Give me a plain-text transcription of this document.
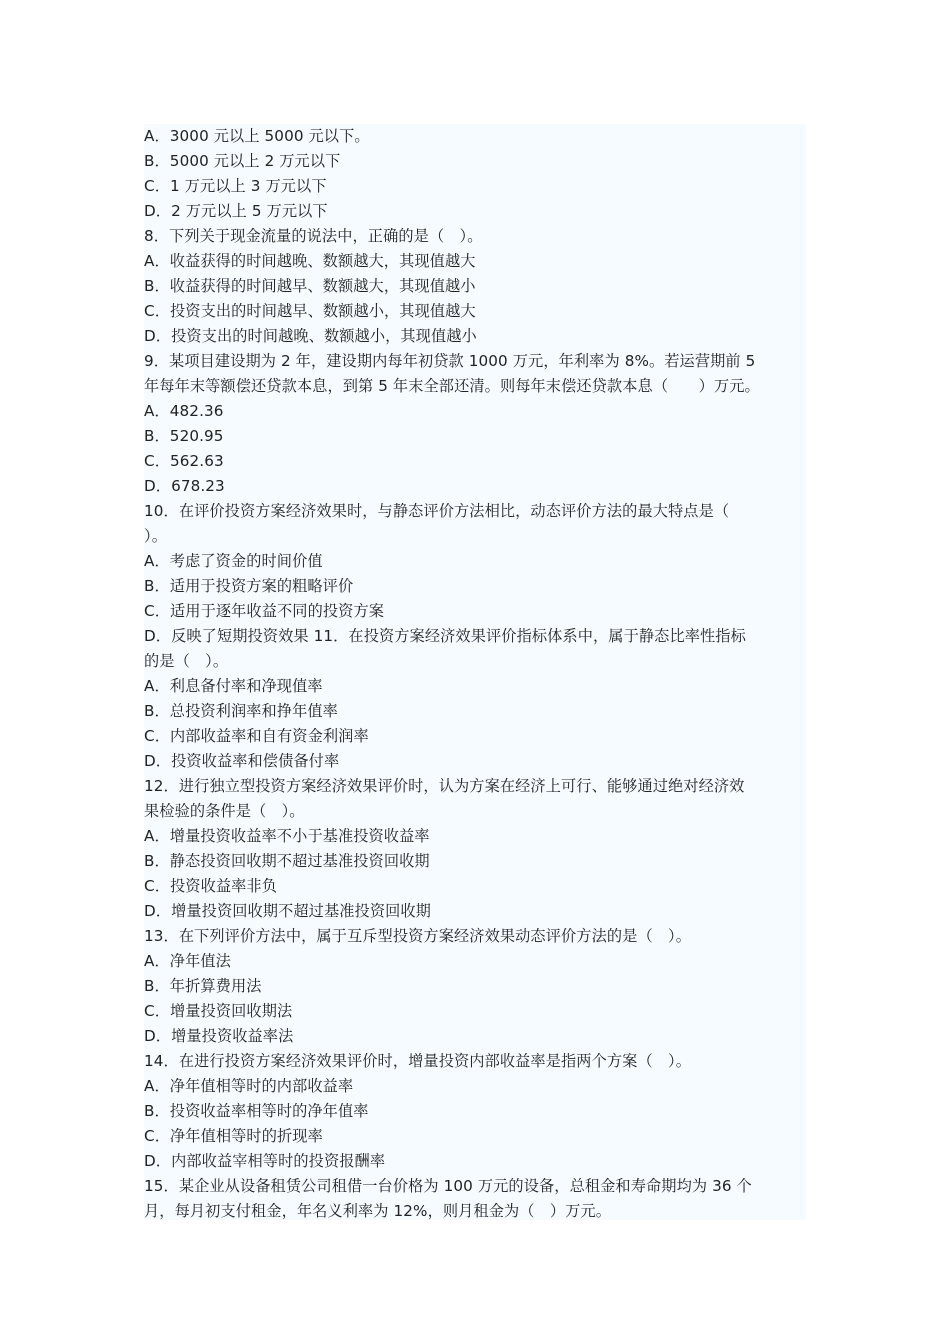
A．3000 元以上 5000 元以下。
B．5000 元以上 2 万元以下
C．1 万元以上 3 万元以下
D．2 万元以上 5 万元以下
8．下列关于现金流量的说法中，正确的是（　）。
A．收益获得的时间越晚、数额越大，其现值越大
B．收益获得的时间越早、数额越大，其现值越小
C．投资支出的时间越早、数额越小，其现值越大
D．投资支出的时间越晚、数额越小，其现值越小
9．某项目建设期为 2 年，建设期内每年初贷款 1000 万元，年利率为 8%。若运营期前 5
年每年末等额偿还贷款本息，到第 5 年末全部还清。则每年末偿还贷款本息（　　）万元。
A．482.36
B．520.95
C．562.63
D．678.23
10．在评价投资方案经济效果时，与静态评价方法相比，动态评价方法的最大特点是（
）。
A．考虑了资金的时间价值
B．适用于投资方案的粗略评价
C．适用于逐年收益不同的投资方案
D．反映了短期投资效果 11．在投资方案经济效果评价指标体系中，属于静态比率性指标
的是（　）。
A．利息备付率和净现值率
B．总投资利润率和挣年值率
C．内部收益率和自有资金利润率
D．投资收益率和偿债备付率
12．进行独立型投资方案经济效果评价时，认为方案在经济上可行、能够通过绝对经济效
果检验的条件是（　）。
A．增量投资收益率不小于基准投资收益率
B．静态投资回收期不超过基准投资回收期
C．投资收益率非负
D．增量投资回收期不超过基准投资回收期
13．在下列评价方法中，属于互斥型投资方案经济效果动态评价方法的是（　）。
A．净年值法
B．年折算费用法
C．增量投资回收期法
D．增量投资收益率法
14．在进行投资方案经济效果评价时，增量投资内部收益率是指两个方案（　）。
A．净年值相等时的内部收益率
B．投资收益率相等时的净年值率
C．净年值相等时的折现率
D．内部收益宰相等时的投资报酬率
15．某企业从设备租赁公司租借一台价格为 100 万元的设备，总租金和寿命期均为 36 个
月，每月初支付租金，年名义利率为 12%，则月租金为（　）万元。
